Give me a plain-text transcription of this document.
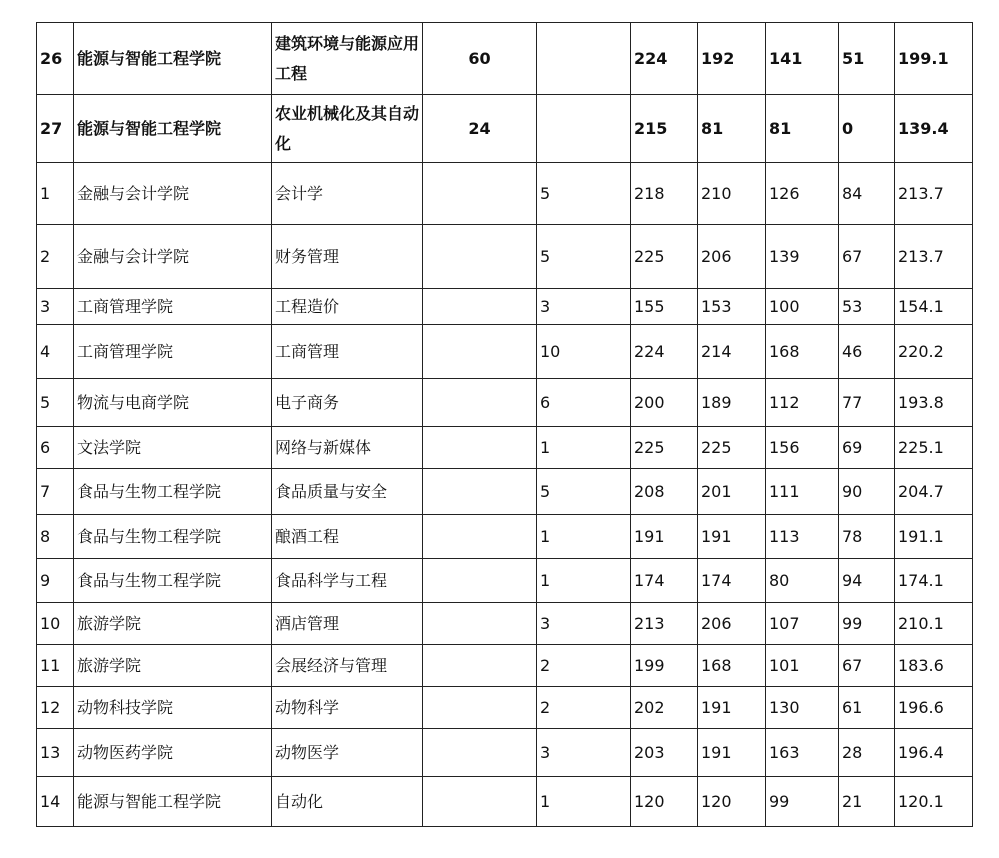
26	能源与智能工程学院	建筑环境与能源应用工程	60		224	192	141	51	199.1
27	能源与智能工程学院	农业机械化及其自动化	24		215	81	81	0	139.4
1	金融与会计学院	会计学		5	218	210	126	84	213.7
2	金融与会计学院	财务管理		5	225	206	139	67	213.7
3	工商管理学院	工程造价		3	155	153	100	53	154.1
4	工商管理学院	工商管理		10	224	214	168	46	220.2
5	物流与电商学院	电子商务		6	200	189	112	77	193.8
6	文法学院	网络与新媒体		1	225	225	156	69	225.1
7	食品与生物工程学院	食品质量与安全		5	208	201	111	90	204.7
8	食品与生物工程学院	酿酒工程		1	191	191	113	78	191.1
9	食品与生物工程学院	食品科学与工程		1	174	174	80	94	174.1
10	旅游学院	酒店管理		3	213	206	107	99	210.1
11	旅游学院	会展经济与管理		2	199	168	101	67	183.6
12	动物科技学院	动物科学		2	202	191	130	61	196.6
13	动物医药学院	动物医学		3	203	191	163	28	196.4
14	能源与智能工程学院	自动化		1	120	120	99	21	120.1
